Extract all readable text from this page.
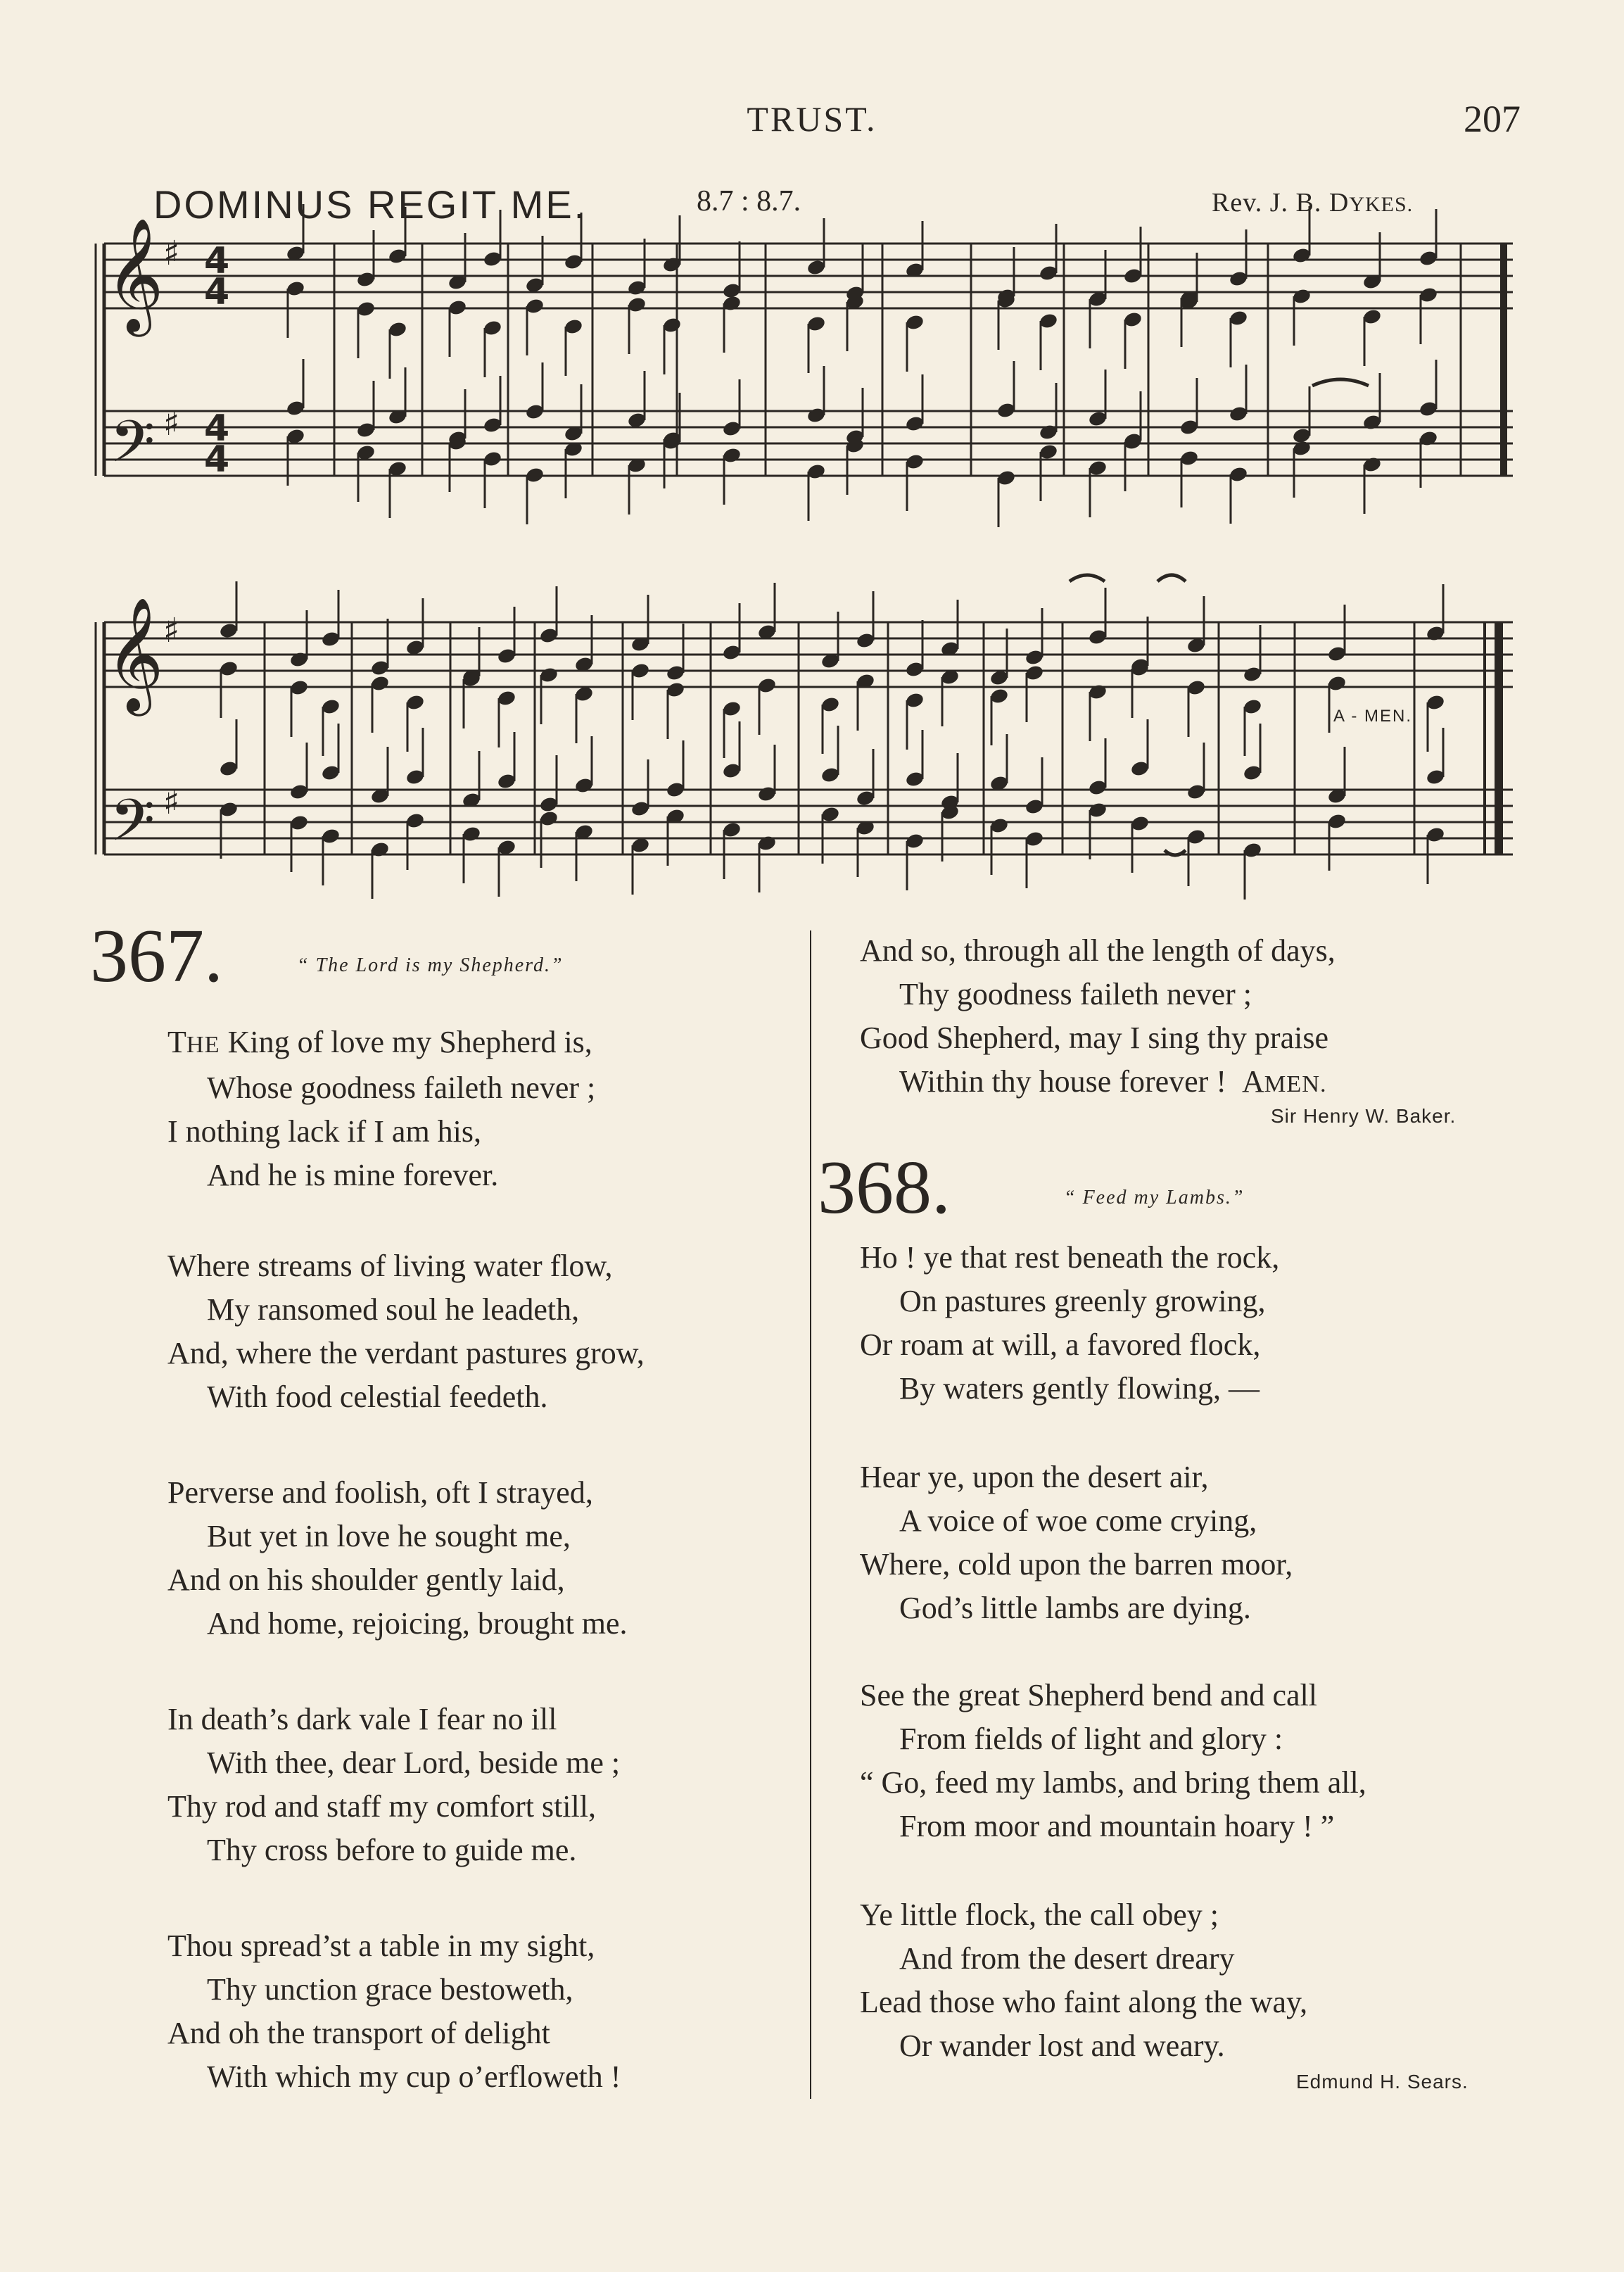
TRUST.	207
DOMINUS REGIT ME.	8.7 : 8.7.	Rev. J. B. DYKES.
𝄞
𝄢
𝄞
𝄢
♯
♯
♯
♯
4
4
4
4
A - MEN.
367.	“ The Lord is my Shepherd.”
THE King of love my Shepherd is,
Whose goodness faileth never ;
I nothing lack if I am his,
And he is mine forever.
Where streams of living water flow,
My ransomed soul he leadeth,
And, where the verdant pastures grow,
With food celestial feedeth.
Perverse and foolish, oft I strayed,
But yet in love he sought me,
And on his shoulder gently laid,
And home, rejoicing, brought me.
In death’s dark vale I fear no ill
With thee, dear Lord, beside me ;
Thy rod and staff my comfort still,
Thy cross before to guide me.
Thou spread’st a table in my sight,
Thy unction grace bestoweth,
And oh the transport of delight
With which my cup o’erfloweth !
And so, through all the length of days,
Thy goodness faileth never ;
Good Shepherd, may I sing thy praise
Within thy house forever ! AMEN.
Sir Henry W. Baker.
368.	“ Feed my Lambs.”
Ho ! ye that rest beneath the rock,
On pastures greenly growing,
Or roam at will, a favored flock,
By waters gently flowing, —
Hear ye, upon the desert air,
A voice of woe come crying,
Where, cold upon the barren moor,
God’s little lambs are dying.
See the great Shepherd bend and call
From fields of light and glory :
“ Go, feed my lambs, and bring them all,
From moor and mountain hoary ! ”
Ye little flock, the call obey ;
And from the desert dreary
Lead those who faint along the way,
Or wander lost and weary.
Edmund H. Sears.
